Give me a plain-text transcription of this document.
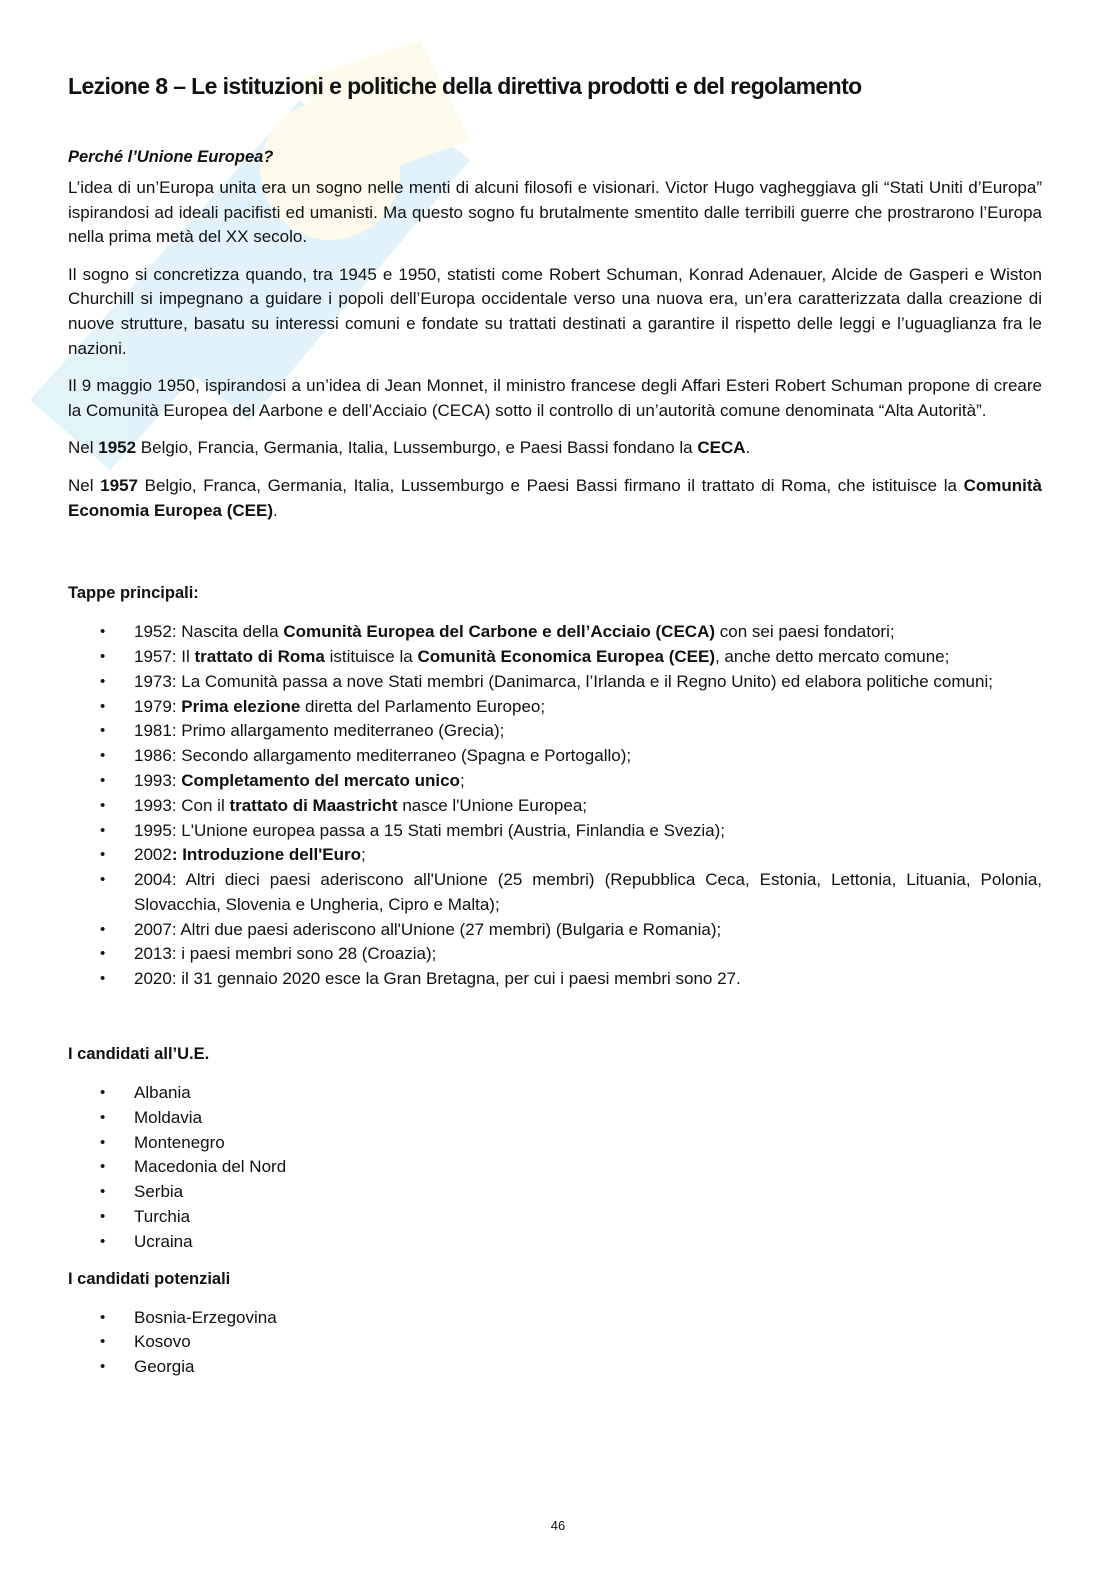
Lezione 8 – Le istituzioni e politiche della direttiva prodotti e del regolamento
Perché l’Unione Europea?

L’idea di un’Europa unita era un sogno nelle menti di alcuni filosofi e visionari. Victor Hugo vagheggiava gli “Stati Uniti d’Europa” ispirandosi ad ideali pacifisti ed umanisti. Ma questo sogno fu brutalmente smentito dalle terribili guerre che prostrarono l’Europa nella prima metà del XX secolo.

Il sogno si concretizza quando, tra 1945 e 1950, statisti come Robert Schuman, Konrad Adenauer, Alcide de Gasperi e Wiston Churchill si impegnano a guidare i popoli dell’Europa occidentale verso una nuova era, un’era caratterizzata dalla creazione di nuove strutture, basatu su interessi comuni e fondate su trattati destinati a garantire il rispetto delle leggi e l’uguaglianza fra le nazioni.

Il 9 maggio 1950, ispirandosi a un’idea di Jean Monnet, il ministro francese degli Affari Esteri Robert Schuman propone di creare la Comunità Europea del Aarbone e dell’Acciaio (CECA) sotto il controllo di un’autorità comune denominata “Alta Autorità”.

Nel 1952 Belgio, Francia, Germania, Italia, Lussemburgo, e Paesi Bassi fondano la CECA.

Nel 1957 Belgio, Franca, Germania, Italia, Lussemburgo e Paesi Bassi firmano il trattato di Roma, che istituisce la Comunità Economia Europea (CEE).

Tappe principali:
• 1952: Nascita della Comunità Europea del Carbone e dell’Acciaio (CECA) con sei paesi fondatori;
• 1957: Il trattato di Roma istituisce la Comunità Economica Europea (CEE), anche detto mercato comune;
• 1973: La Comunità passa a nove Stati membri (Danimarca, l’Irlanda e il Regno Unito) ed elabora politiche comuni;
• 1979: Prima elezione diretta del Parlamento Europeo;
• 1981: Primo allargamento mediterraneo (Grecia);
• 1986: Secondo allargamento mediterraneo (Spagna e Portogallo);
• 1993: Completamento del mercato unico;
• 1993: Con il trattato di Maastricht nasce l'Unione Europea;
• 1995: L'Unione europea passa a 15 Stati membri (Austria, Finlandia e Svezia);
• 2002: Introduzione dell'Euro;
• 2004: Altri dieci paesi aderiscono all'Unione (25 membri) (Repubblica Ceca, Estonia, Lettonia, Lituania, Polonia, Slovacchia, Slovenia e Ungheria, Cipro e Malta);
• 2007: Altri due paesi aderiscono all'Unione (27 membri) (Bulgaria e Romania);
• 2013: i paesi membri sono 28 (Croazia);
• 2020: il 31 gennaio 2020 esce la Gran Bretagna, per cui i paesi membri sono 27.
I candidati all’U.E.
• Albania
• Moldavia
• Montenegro
• Macedonia del Nord
• Serbia
• Turchia
• Ucraina
I candidati potenziali
• Bosnia-Erzegovina
• Kosovo
• Georgia
46
